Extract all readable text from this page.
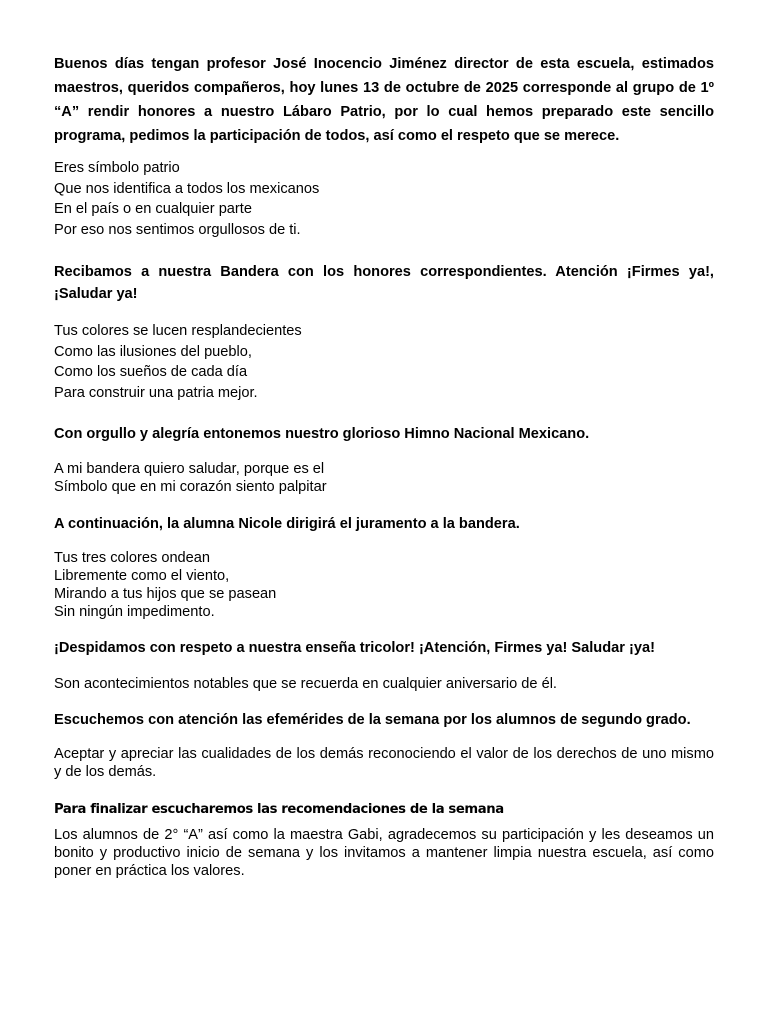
Buenos días tengan profesor José Inocencio Jiménez director de esta escuela, estimados maestros, queridos compañeros, hoy lunes 13 de octubre de 2025 corresponde al grupo de 1º “A” rendir honores a nuestro Lábaro Patrio, por lo cual hemos preparado este sencillo programa, pedimos la participación de todos, así como el respeto que se merece.

Eres símbolo patrio
Que nos identifica a todos los mexicanos
En el país o en cualquier parte
Por eso nos sentimos orgullosos de ti.

Recibamos a nuestra Bandera con los honores correspondientes. Atención ¡Firmes ya!, ¡Saludar ya!

Tus colores se lucen resplandecientes
Como las ilusiones del pueblo,
Como los sueños de cada día
Para construir una patria mejor.

Con orgullo y alegría entonemos nuestro glorioso Himno Nacional Mexicano.

A mi bandera quiero saludar, porque es el
Símbolo que en mi corazón siento palpitar

A continuación, la alumna Nicole dirigirá el juramento a la bandera.

Tus tres colores ondean
Libremente como el viento,
Mirando a tus hijos que se pasean
Sin ningún impedimento.

¡Despidamos con respeto a nuestra enseña tricolor! ¡Atención, Firmes ya! Saludar ¡ya!

Son acontecimientos notables que se recuerda en cualquier aniversario de él.

Escuchemos con atención las efemérides de la semana por los alumnos de segundo grado.

Aceptar y apreciar las cualidades de los demás reconociendo el valor de los derechos de uno mismo y de los demás.

Para finalizar escucharemos las recomendaciones de la semana

Los alumnos de 2° “A” así como la maestra Gabi, agradecemos su participación y les deseamos un bonito y productivo inicio de semana y los invitamos a mantener limpia nuestra escuela, así como poner en práctica los valores.
